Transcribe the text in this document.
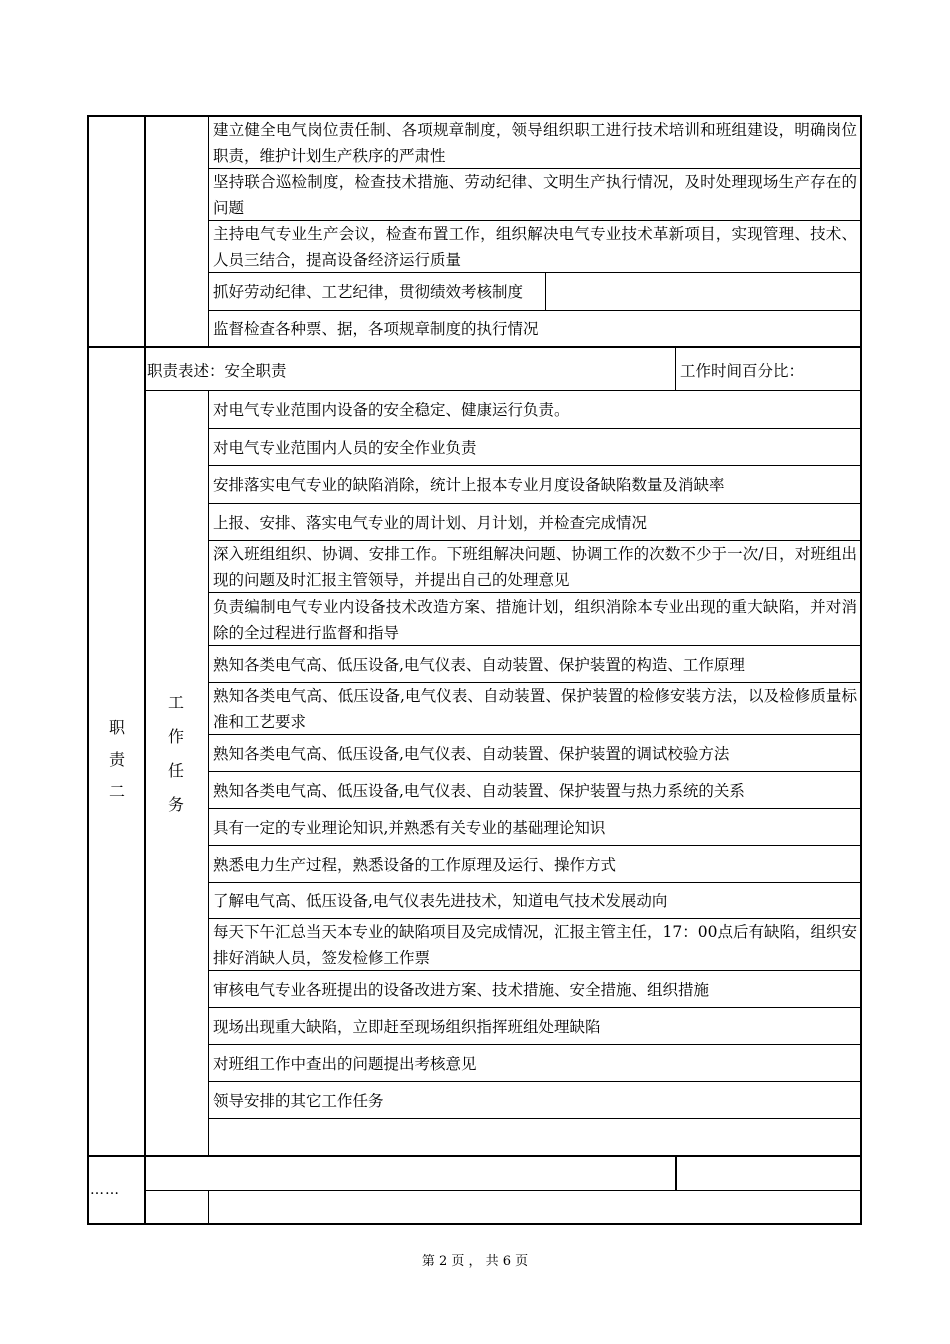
建立健全电气岗位责任制、各项规章制度，领导组织职工进行技术培训和班组建设，明确岗位职责，维护计划生产秩序的严肃性
坚持联合巡检制度，检查技术措施、劳动纪律、文明生产执行情况，及时处理现场生产存在的问题
主持电气专业生产会议，检查布置工作，组织解决电气专业技术革新项目，实现管理、技术、人员三结合，提高设备经济运行质量
抓好劳动纪律、工艺纪律，贯彻绩效考核制度
监督检查各种票、据，各项规章制度的执行情况
对电气专业范围内设备的安全稳定、健康运行负责。
对电气专业范围内人员的安全作业负责
安排落实电气专业的缺陷消除，统计上报本专业月度设备缺陷数量及消缺率
上报、安排、落实电气专业的周计划、月计划，并检查完成情况
深入班组组织、协调、安排工作。下班组解决问题、协调工作的次数不少于一次/日，对班组出现的问题及时汇报主管领导，并提出自己的处理意见
负责编制电气专业内设备技术改造方案、措施计划，组织消除本专业出现的重大缺陷，并对消除的全过程进行监督和指导
熟知各类电气高、低压设备,电气仪表、自动装置、保护装置的构造、工作原理
熟知各类电气高、低压设备,电气仪表、自动装置、保护装置的检修安装方法，以及检修质量标准和工艺要求
熟知各类电气高、低压设备,电气仪表、自动装置、保护装置的调试校验方法
熟知各类电气高、低压设备,电气仪表、自动装置、保护装置与热力系统的关系
具有一定的专业理论知识,并熟悉有关专业的基础理论知识
熟悉电力生产过程，熟悉设备的工作原理及运行、操作方式
了解电气高、低压设备,电气仪表先进技术，知道电气技术发展动向
每天下午汇总当天本专业的缺陷项目及完成情况，汇报主管主任，17：00点后有缺陷，组织安排好消缺人员，签发检修工作票
审核电气专业各班提出的设备改进方案、技术措施、安全措施、组织措施
现场出现重大缺陷，立即赶至现场组织指挥班组处理缺陷
对班组工作中查出的问题提出考核意见
领导安排的其它工作任务
职
责
二
工
作
任
务
职责表述：安全职责	工作时间百分比：
……
第 2 页 ， 共 6 页
